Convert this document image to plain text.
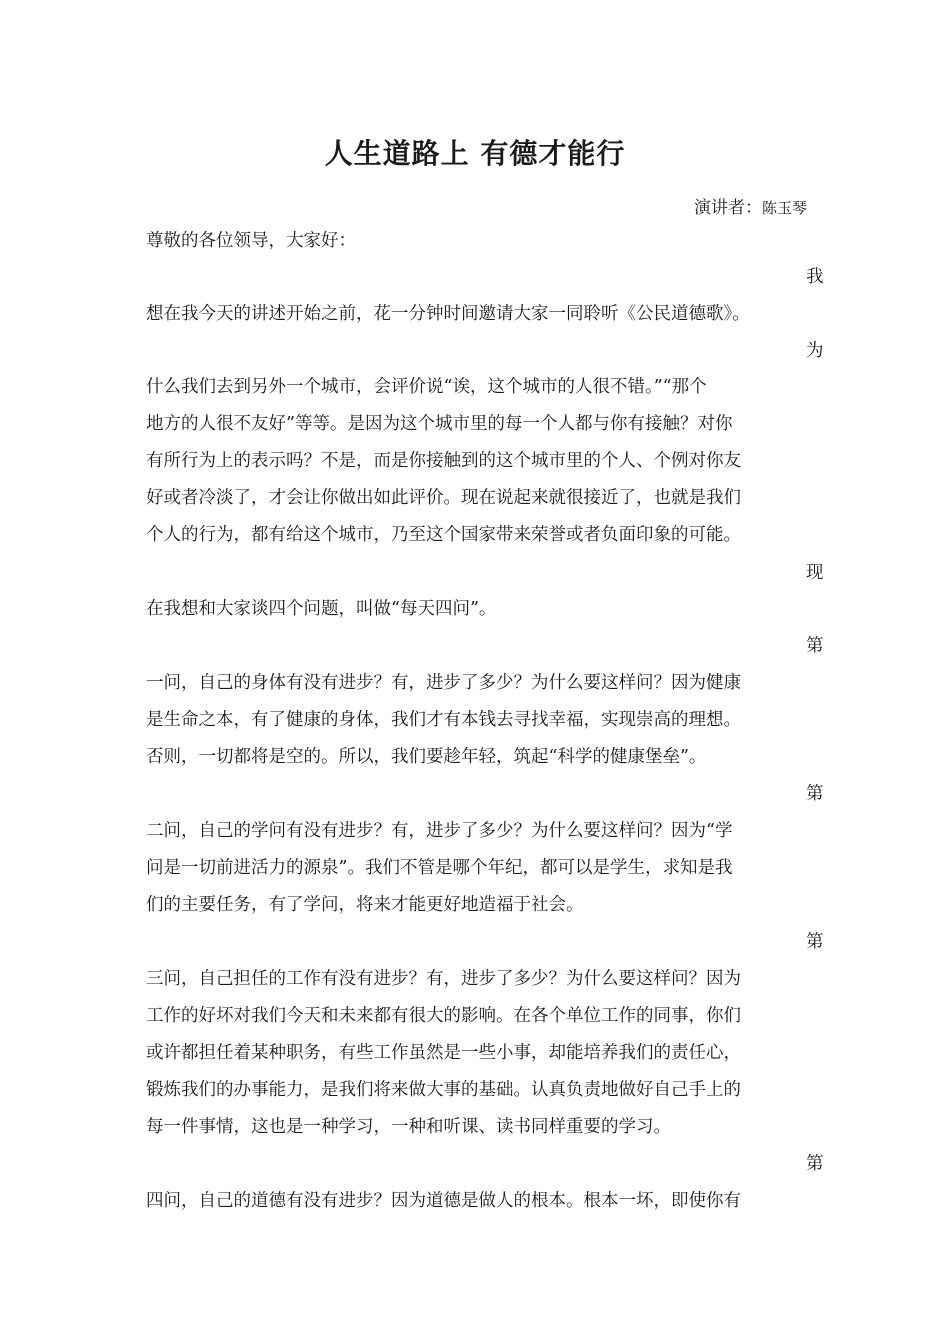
人生道路上 有德才能行
演讲者：陈玉琴

尊敬的各位领导，大家好：

我

想在我今天的讲述开始之前，花一分钟时间邀请大家一同聆听《公民道德歌》。

为

什么我们去到另外一个城市，会评价说“诶，这个城市的人很不错。”“那个

地方的人很不友好”等等。是因为这个城市里的每一个人都与你有接触？对你

有所行为上的表示吗？不是，而是你接触到的这个城市里的个人、个例对你友

好或者冷淡了，才会让你做出如此评价。现在说起来就很接近了，也就是我们

个人的行为，都有给这个城市，乃至这个国家带来荣誉或者负面印象的可能。

现

在我想和大家谈四个问题，叫做“每天四问”。

第

一问，自己的身体有没有进步？有，进步了多少？为什么要这样问？因为健康

是生命之本，有了健康的身体，我们才有本钱去寻找幸福，实现崇高的理想。

否则，一切都将是空的。所以，我们要趁年轻，筑起“科学的健康堡垒”。

第

二问，自己的学问有没有进步？有，进步了多少？为什么要这样问？因为“学

问是一切前进活力的源泉”。我们不管是哪个年纪，都可以是学生，求知是我

们的主要任务，有了学问，将来才能更好地造福于社会。

第

三问，自己担任的工作有没有进步？有，进步了多少？为什么要这样问？因为

工作的好坏对我们今天和未来都有很大的影响。在各个单位工作的同事，你们

或许都担任着某种职务，有些工作虽然是一些小事，却能培养我们的责任心，

锻炼我们的办事能力，是我们将来做大事的基础。认真负责地做好自己手上的

每一件事情，这也是一种学习，一种和听课、读书同样重要的学习。

第

四问，自己的道德有没有进步？因为道德是做人的根本。根本一坏，即使你有
